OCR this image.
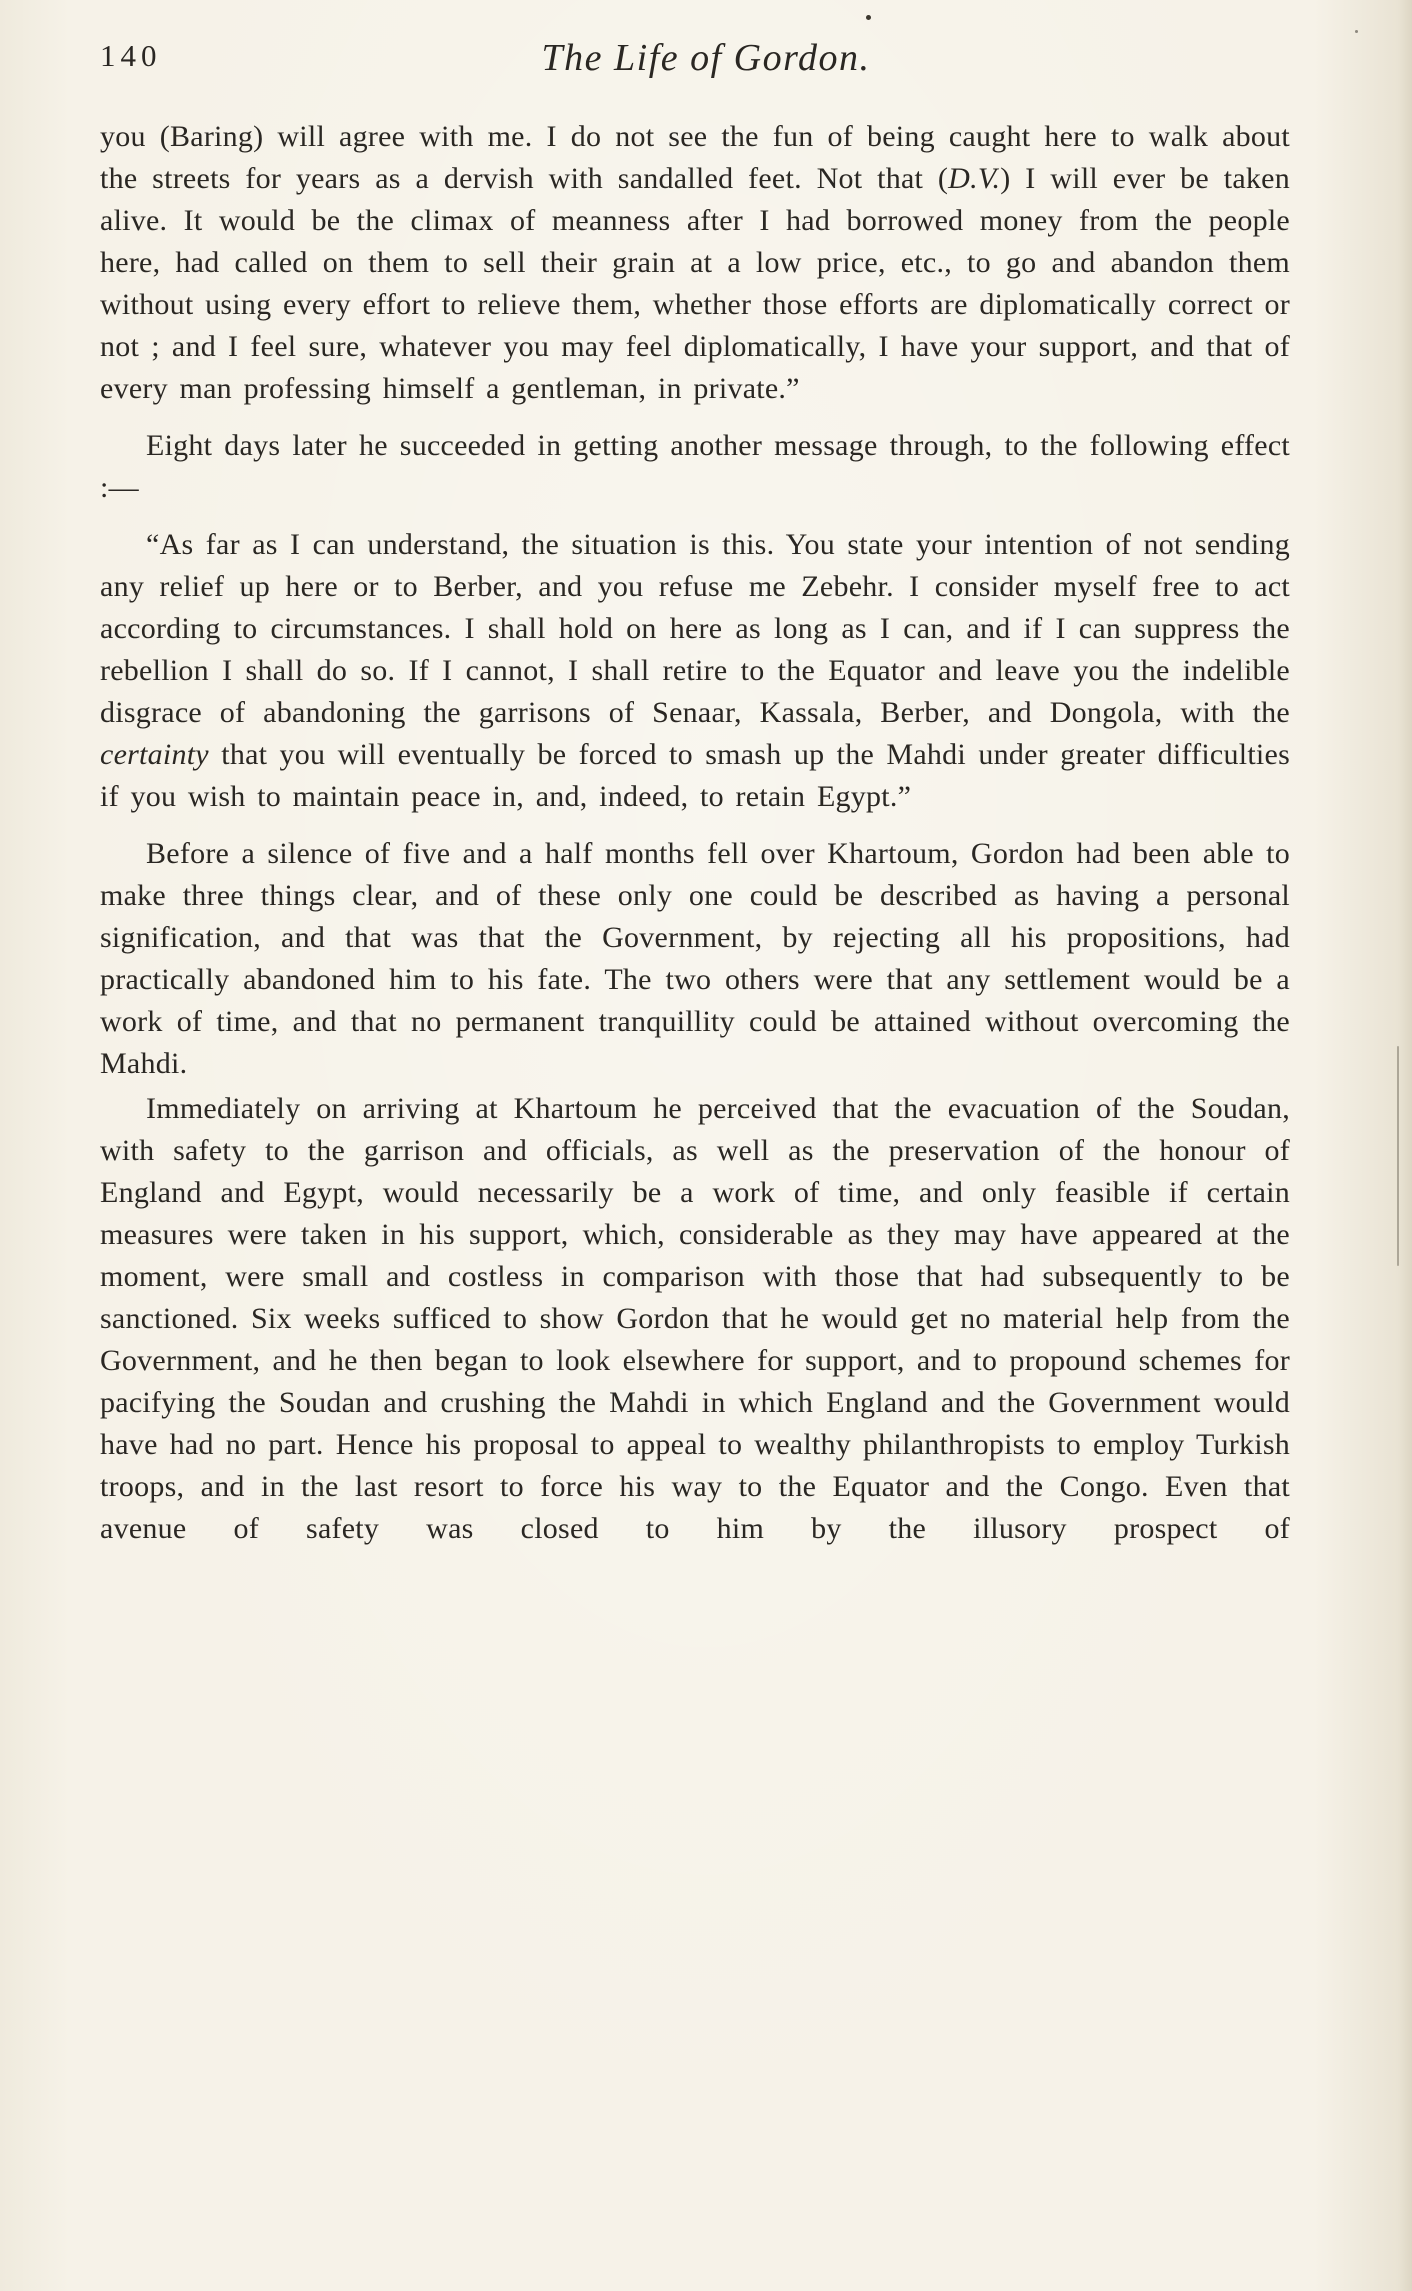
140	The Life of Gordon.

you (Baring) will agree with me. I do not see the fun of being caught here to walk about the streets for years as a dervish with sandalled feet. Not that (D.V.) I will ever be taken alive. It would be the climax of meanness after I had borrowed money from the people here, had called on them to sell their grain at a low price, etc., to go and abandon them without using every effort to relieve them, whether those efforts are diplomatically correct or not ; and I feel sure, whatever you may feel diplomatically, I have your support, and that of every man professing himself a gentleman, in private.”

Eight days later he succeeded in getting another message through, to the following effect :—

“As far as I can understand, the situation is this. You state your intention of not sending any relief up here or to Berber, and you refuse me Zebehr. I consider myself free to act according to circumstances. I shall hold on here as long as I can, and if I can suppress the rebellion I shall do so. If I cannot, I shall retire to the Equator and leave you the indelible disgrace of abandoning the garrisons of Senaar, Kassala, Berber, and Dongola, with the certainty that you will eventually be forced to smash up the Mahdi under greater difficulties if you wish to maintain peace in, and, indeed, to retain Egypt.”

Before a silence of five and a half months fell over Khartoum, Gordon had been able to make three things clear, and of these only one could be described as having a personal signification, and that was that the Government, by rejecting all his propositions, had practically abandoned him to his fate. The two others were that any settlement would be a work of time, and that no permanent tranquillity could be attained without overcoming the Mahdi.

Immediately on arriving at Khartoum he perceived that the evacuation of the Soudan, with safety to the garrison and officials, as well as the preservation of the honour of England and Egypt, would necessarily be a work of time, and only feasible if certain measures were taken in his support, which, considerable as they may have appeared at the moment, were small and costless in comparison with those that had subsequently to be sanctioned. Six weeks sufficed to show Gordon that he would get no material help from the Government, and he then began to look elsewhere for support, and to propound schemes for pacifying the Soudan and crushing the Mahdi in which England and the Government would have had no part. Hence his proposal to appeal to wealthy philanthropists to employ Turkish troops, and in the last resort to force his way to the Equator and the Congo. Even that avenue of safety was closed to him by the illusory prospect of
